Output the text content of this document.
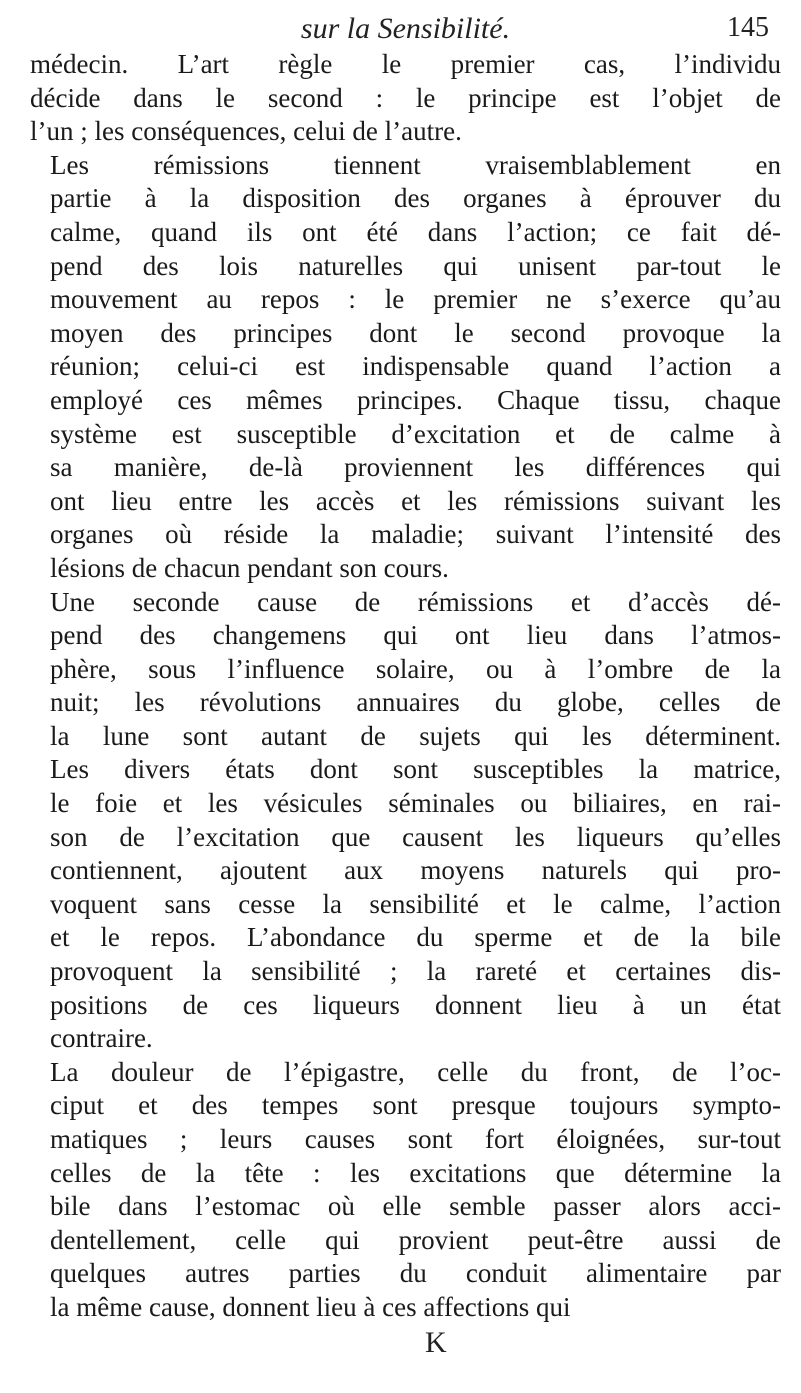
sur la Sensibilité.	145

médecin. L’art règle le premier cas, l’individu
décide dans le second : le principe est l’objet de
l’un ; les conséquences, celui de l’autre.

Les rémissions tiennent vraisemblablement en
partie à la disposition des organes à éprouver du
calme, quand ils ont été dans l’action; ce fait dé-
pend des lois naturelles qui unisent par-tout le
mouvement au repos : le premier ne s’exerce qu’au
moyen des principes dont le second provoque la
réunion; celui-ci est indispensable quand l’action a
employé ces mêmes principes. Chaque tissu, chaque
système est susceptible d’excitation et de calme à
sa manière, de-là proviennent les différences qui
ont lieu entre les accès et les rémissions suivant les
organes où réside la maladie; suivant l’intensité des
lésions de chacun pendant son cours.

Une seconde cause de rémissions et d’accès dé-
pend des changemens qui ont lieu dans l’atmos-
phère, sous l’influence solaire, ou à l’ombre de la
nuit; les révolutions annuaires du globe, celles de
la lune sont autant de sujets qui les déterminent.
Les divers états dont sont susceptibles la matrice,
le foie et les vésicules séminales ou biliaires, en rai-
son de l’excitation que causent les liqueurs qu’elles
contiennent, ajoutent aux moyens naturels qui pro-
voquent sans cesse la sensibilité et le calme, l’action
et le repos. L’abondance du sperme et de la bile
provoquent la sensibilité ; la rareté et certaines dis-
positions de ces liqueurs donnent lieu à un état
contraire.

La douleur de l’épigastre, celle du front, de l’oc-
ciput et des tempes sont presque toujours sympto-
matiques ; leurs causes sont fort éloignées, sur-tout
celles de la tête : les excitations que détermine la
bile dans l’estomac où elle semble passer alors acci-
dentellement, celle qui provient peut-être aussi de
quelques autres parties du conduit alimentaire par
la même cause, donnent lieu à ces affections qui

K
